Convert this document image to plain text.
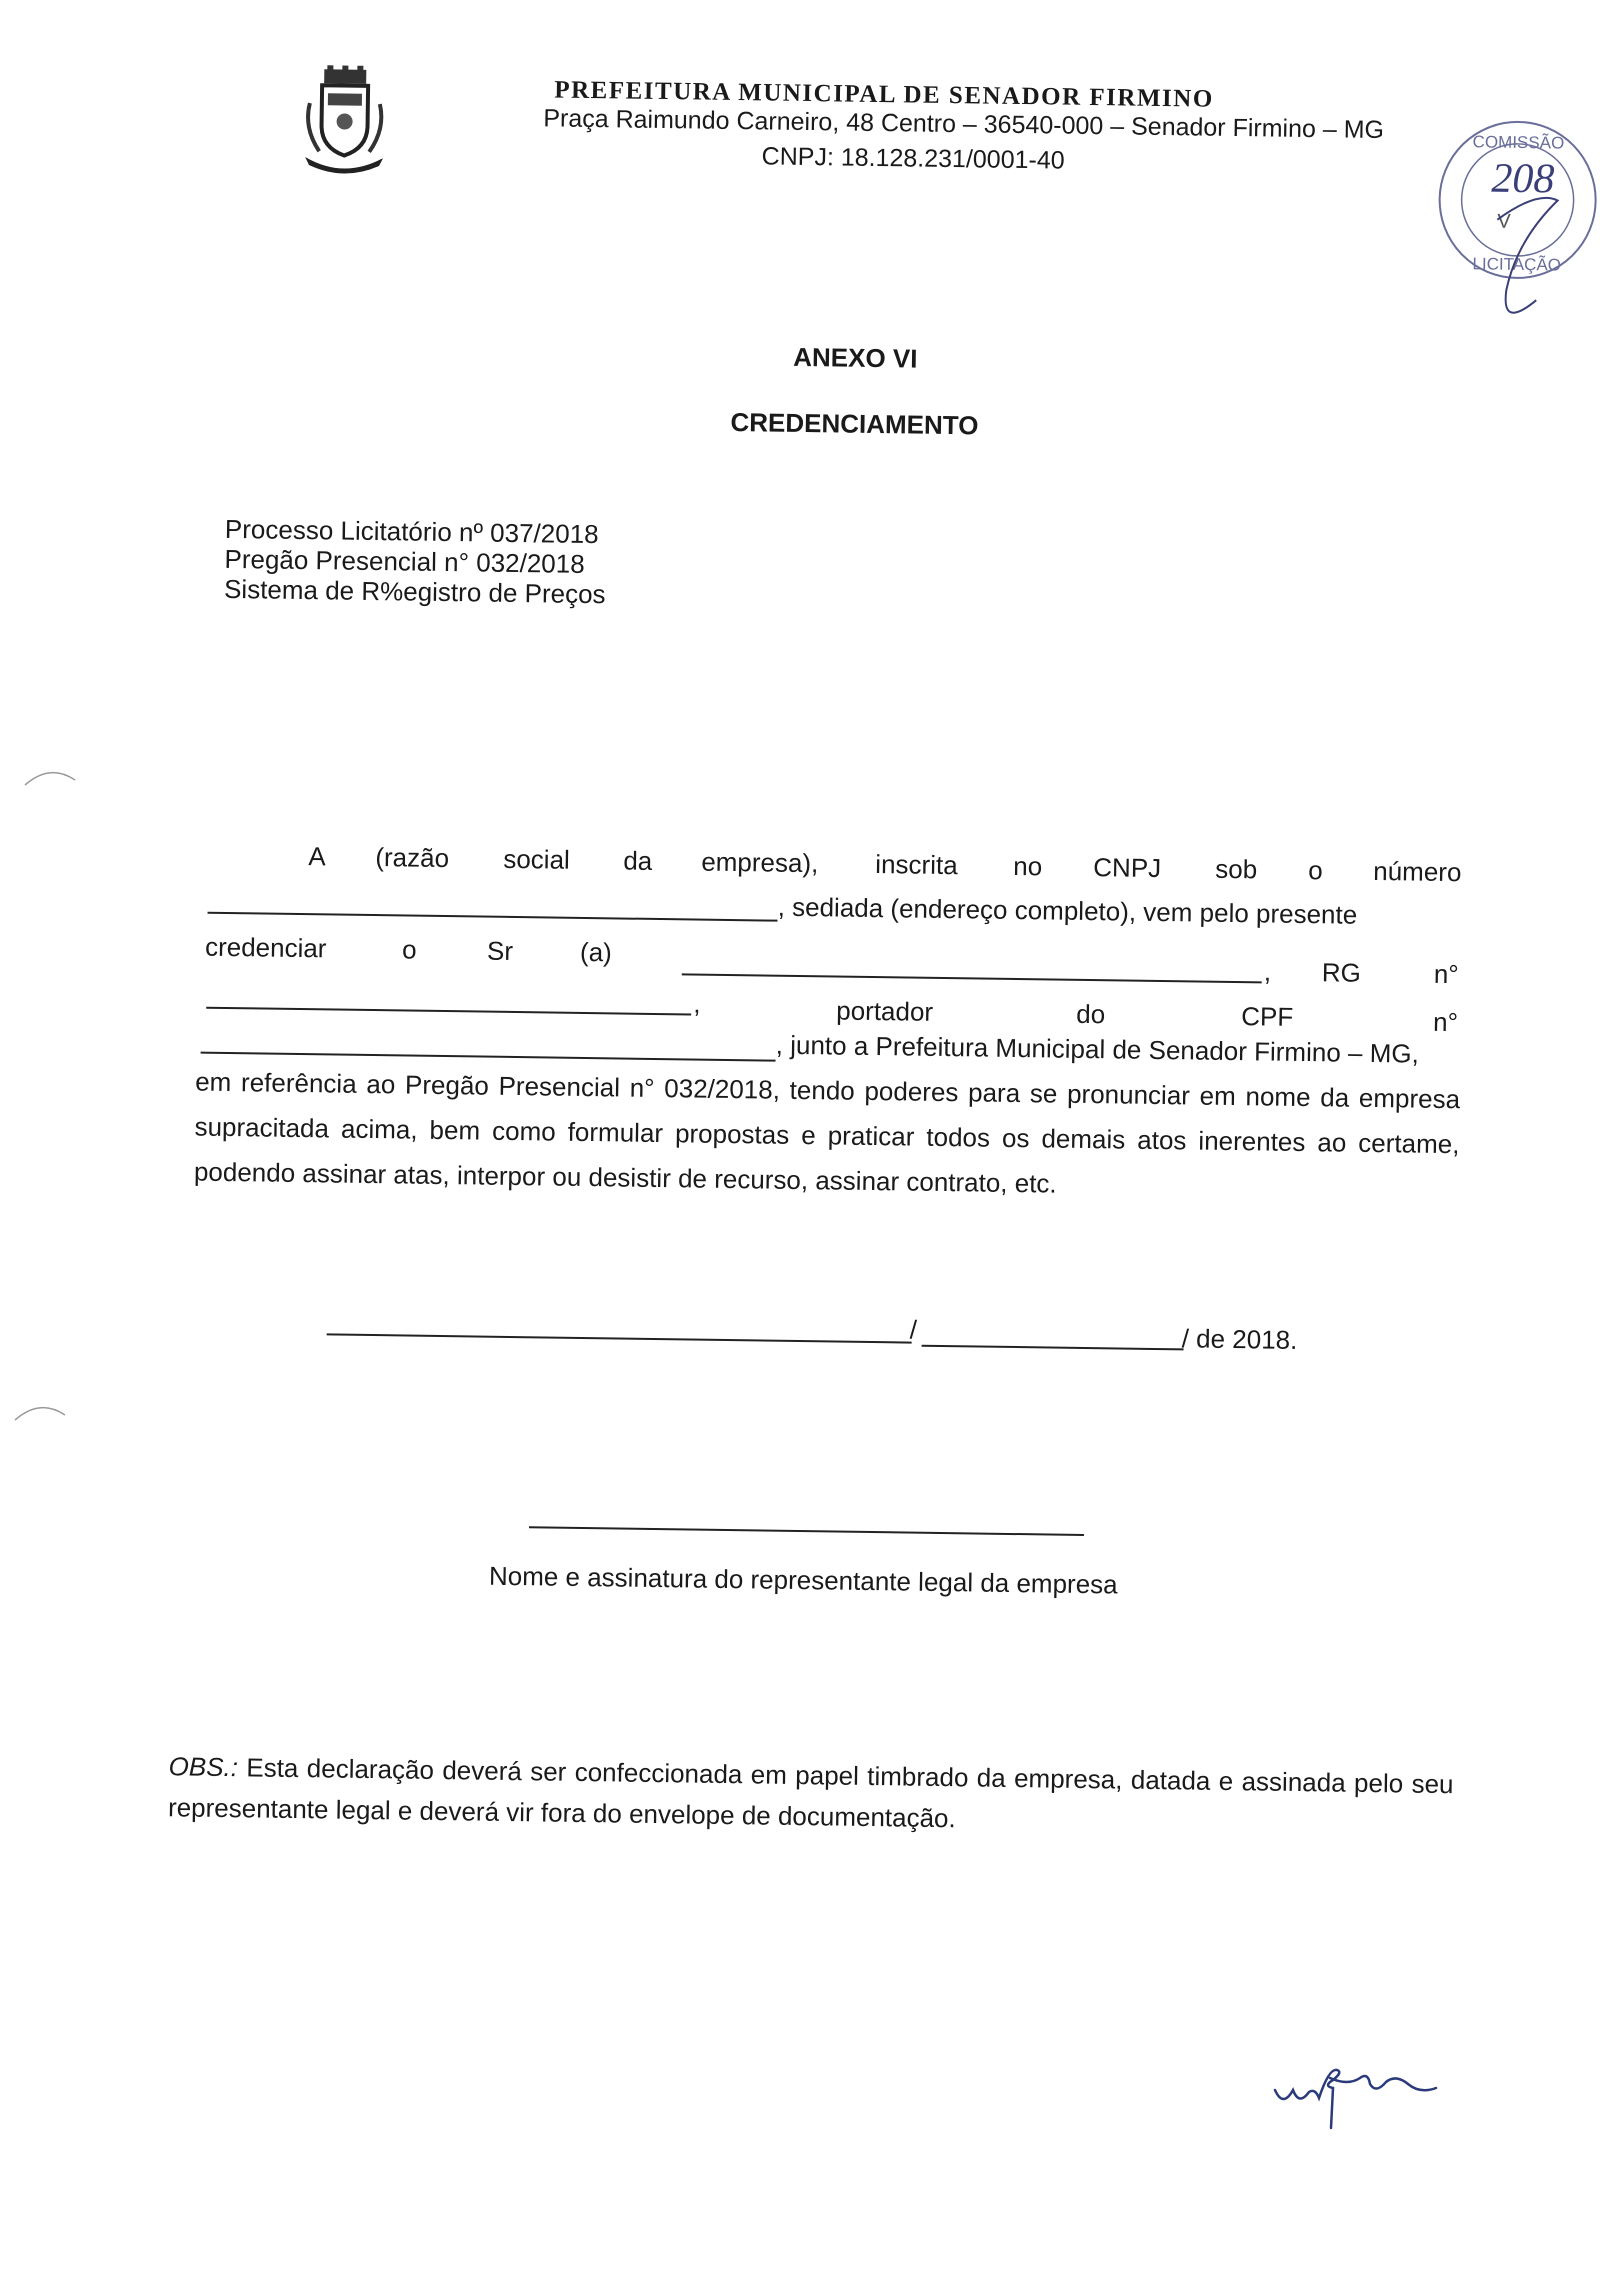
PREFEITURA MUNICIPAL DE SENADOR FIRMINO
Praça Raimundo Carneiro, 48 Centro – 36540-000 – Senador Firmino – MG
CNPJ: 18.128.231/0001-40	COMISSÃO
208
V
LICITAÇÃO
ANEXO VI
CREDENCIAMENTO
Processo Licitatório nº 037/2018
Pregão Presencial n° 032/2018
Sistema de R%egistro de Preços
A (razão social da empresa), inscrita no CNPJ sob o número
, sediada (endereço completo), vem pelo presente
credenciar	o	Sr	(a)
, RG	n°
,	portador	do	CPF	n°
, junto a Prefeitura Municipal de Senador Firmino – MG,
em referência ao Pregão Presencial n° 032/2018, tendo poderes para se pronunciar em nome da empresa supracitada acima, bem como formular propostas e praticar todos os demais atos inerentes ao certame, podendo assinar atas, interpor ou desistir de recurso, assinar contrato, etc.
/	/ de 2018.
Nome e assinatura do representante legal da empresa
OBS.: Esta declaração deverá ser confeccionada em papel timbrado da empresa, datada e assinada pelo seu representante legal e deverá vir fora do envelope de documentação.
